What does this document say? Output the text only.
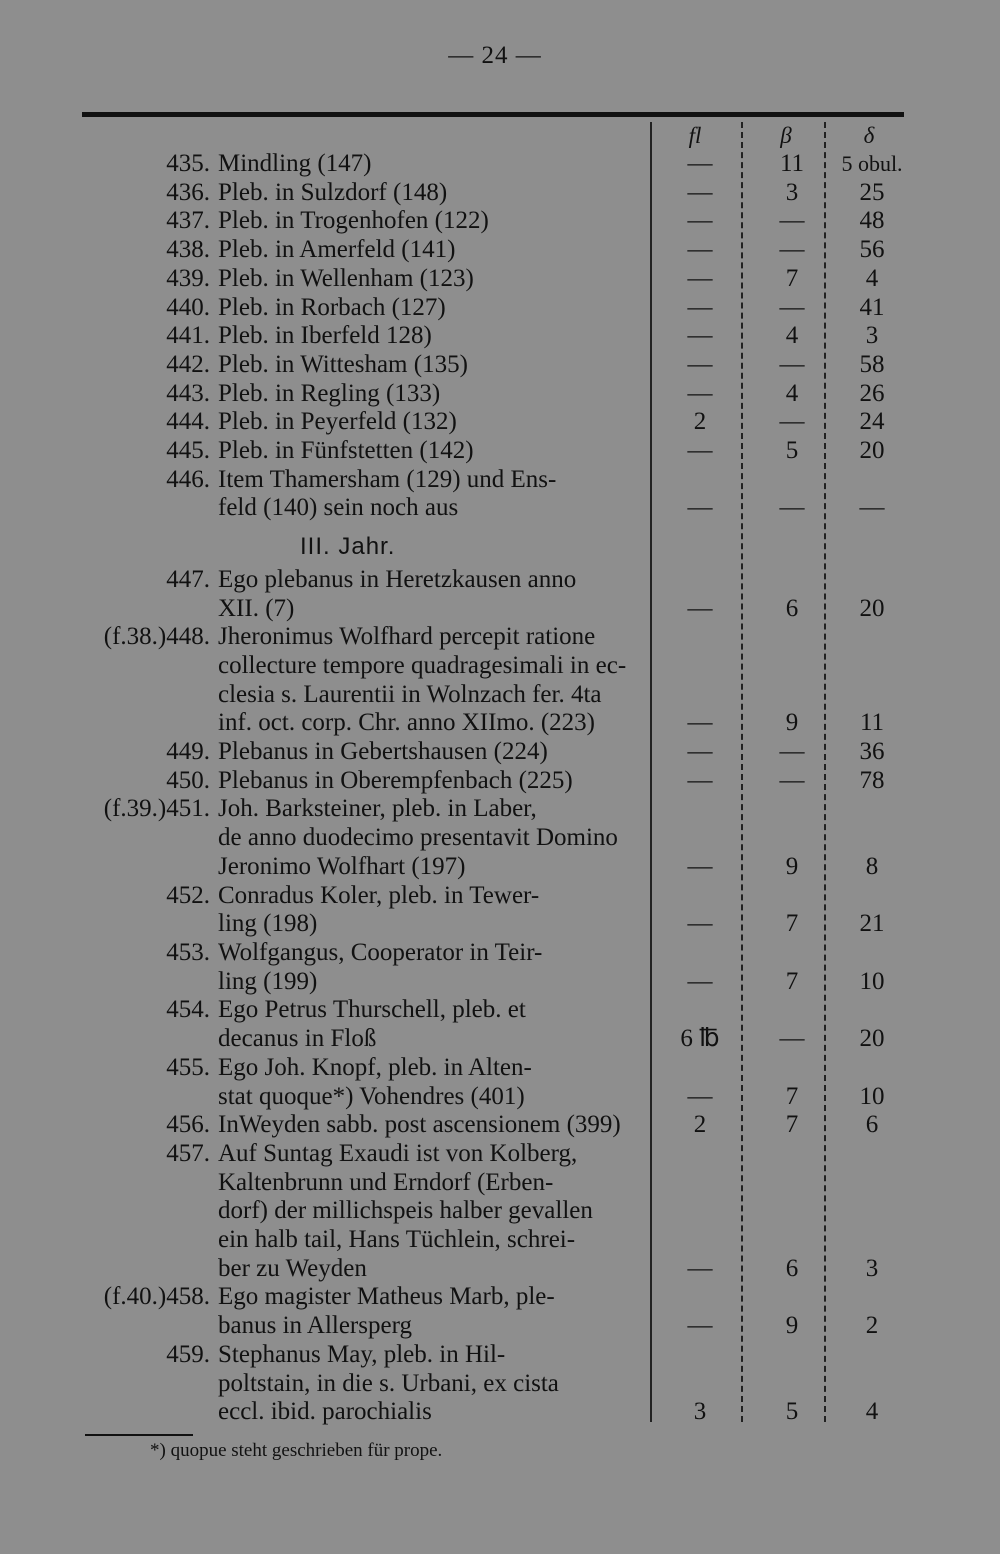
— 24 —
fl	β	δ
435. Mindling (147)	—	11	5 obul.
436. Pleb. in Sulzdorf (148)	—	3	25
437. Pleb. in Trogenhofen (122)	—	—	48
438. Pleb. in Amerfeld (141)	—	—	56
439. Pleb. in Wellenham (123)	—	7	4
440. Pleb. in Rorbach (127)	—	—	41
441. Pleb. in Iberfeld 128)	—	4	3
442. Pleb. in Wittesham (135)	—	—	58
443. Pleb. in Regling (133)	—	4	26
444. Pleb. in Peyerfeld (132)	2	—	24
445. Pleb. in Fünfstetten (142)	—	5	20
446. Item Thamersham (129) und Ens-
feld (140) sein noch aus	—	—	—
III. Jahr.
447. Ego plebanus in Heretzkausen anno
XII. (7)	—	6	20
(f.38.)448. Jheronimus Wolfhard percepit ratione
collecture tempore quadragesimali in ec-
clesia s. Laurentii in Wolnzach fer. 4ta
inf. oct. corp. Chr. anno XIImo. (223)	—	9	11
449. Plebanus in Gebertshausen (224)	—	—	36
450. Plebanus in Oberempfenbach (225)	—	—	78
(f.39.)451. Joh. Barksteiner, pleb. in Laber,
de anno duodecimo presentavit Domino
Jeronimo Wolfhart (197)	—	9	8
452. Conradus Koler, pleb. in Tewer-
ling (198)	—	7	21
453. Wolfgangus, Cooperator in Teir-
ling (199)	—	7	10
454. Ego Petrus Thurschell, pleb. et
decanus in Floß	6 ℔	—	20
455. Ego Joh. Knopf, pleb. in Alten-
stat quoque*) Vohendres (401)	—	7	10
456. InWeyden sabb. post ascensionem (399)	2	7	6
457. Auf Suntag Exaudi ist von Kolberg,
Kaltenbrunn und Erndorf (Erben-
dorf) der millichspeis halber gevallen
ein halb tail, Hans Tüchlein, schrei-
ber zu Weyden	—	6	3
(f.40.)458. Ego magister Matheus Marb, ple-
banus in Allersperg	—	9	2
459. Stephanus May, pleb. in Hil-
poltstain, in die s. Urbani, ex cista
eccl. ibid. parochialis	3	5	4
*) quopue steht geschrieben für prope.
